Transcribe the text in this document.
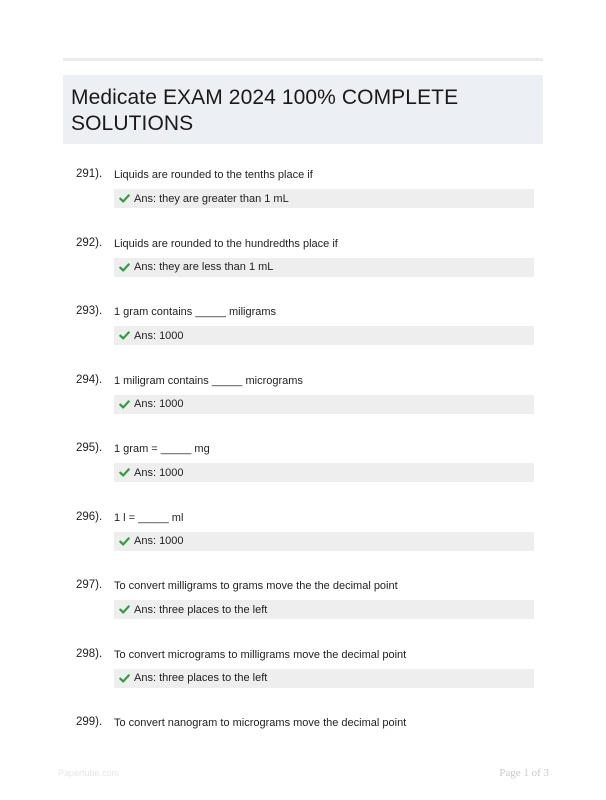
Medicate EXAM 2024 100% COMPLETE SOLUTIONS
291). Liquids are rounded to the tenths place if
Ans: they are greater than 1 mL
292). Liquids are rounded to the hundredths place if
Ans: they are less than 1 mL
293). 1 gram contains _____ miligrams
Ans: 1000
294). 1 miligram contains _____ micrograms
Ans: 1000
295). 1 gram = _____ mg
Ans: 1000
296). 1 l = _____ ml
Ans: 1000
297). To convert milligrams to grams move the the decimal point
Ans: three places to the left
298). To convert micrograms to milligrams move the decimal point
Ans: three places to the left
299). To convert nanogram to micrograms move the decimal point
Papertube.com	Page 1 of 3
